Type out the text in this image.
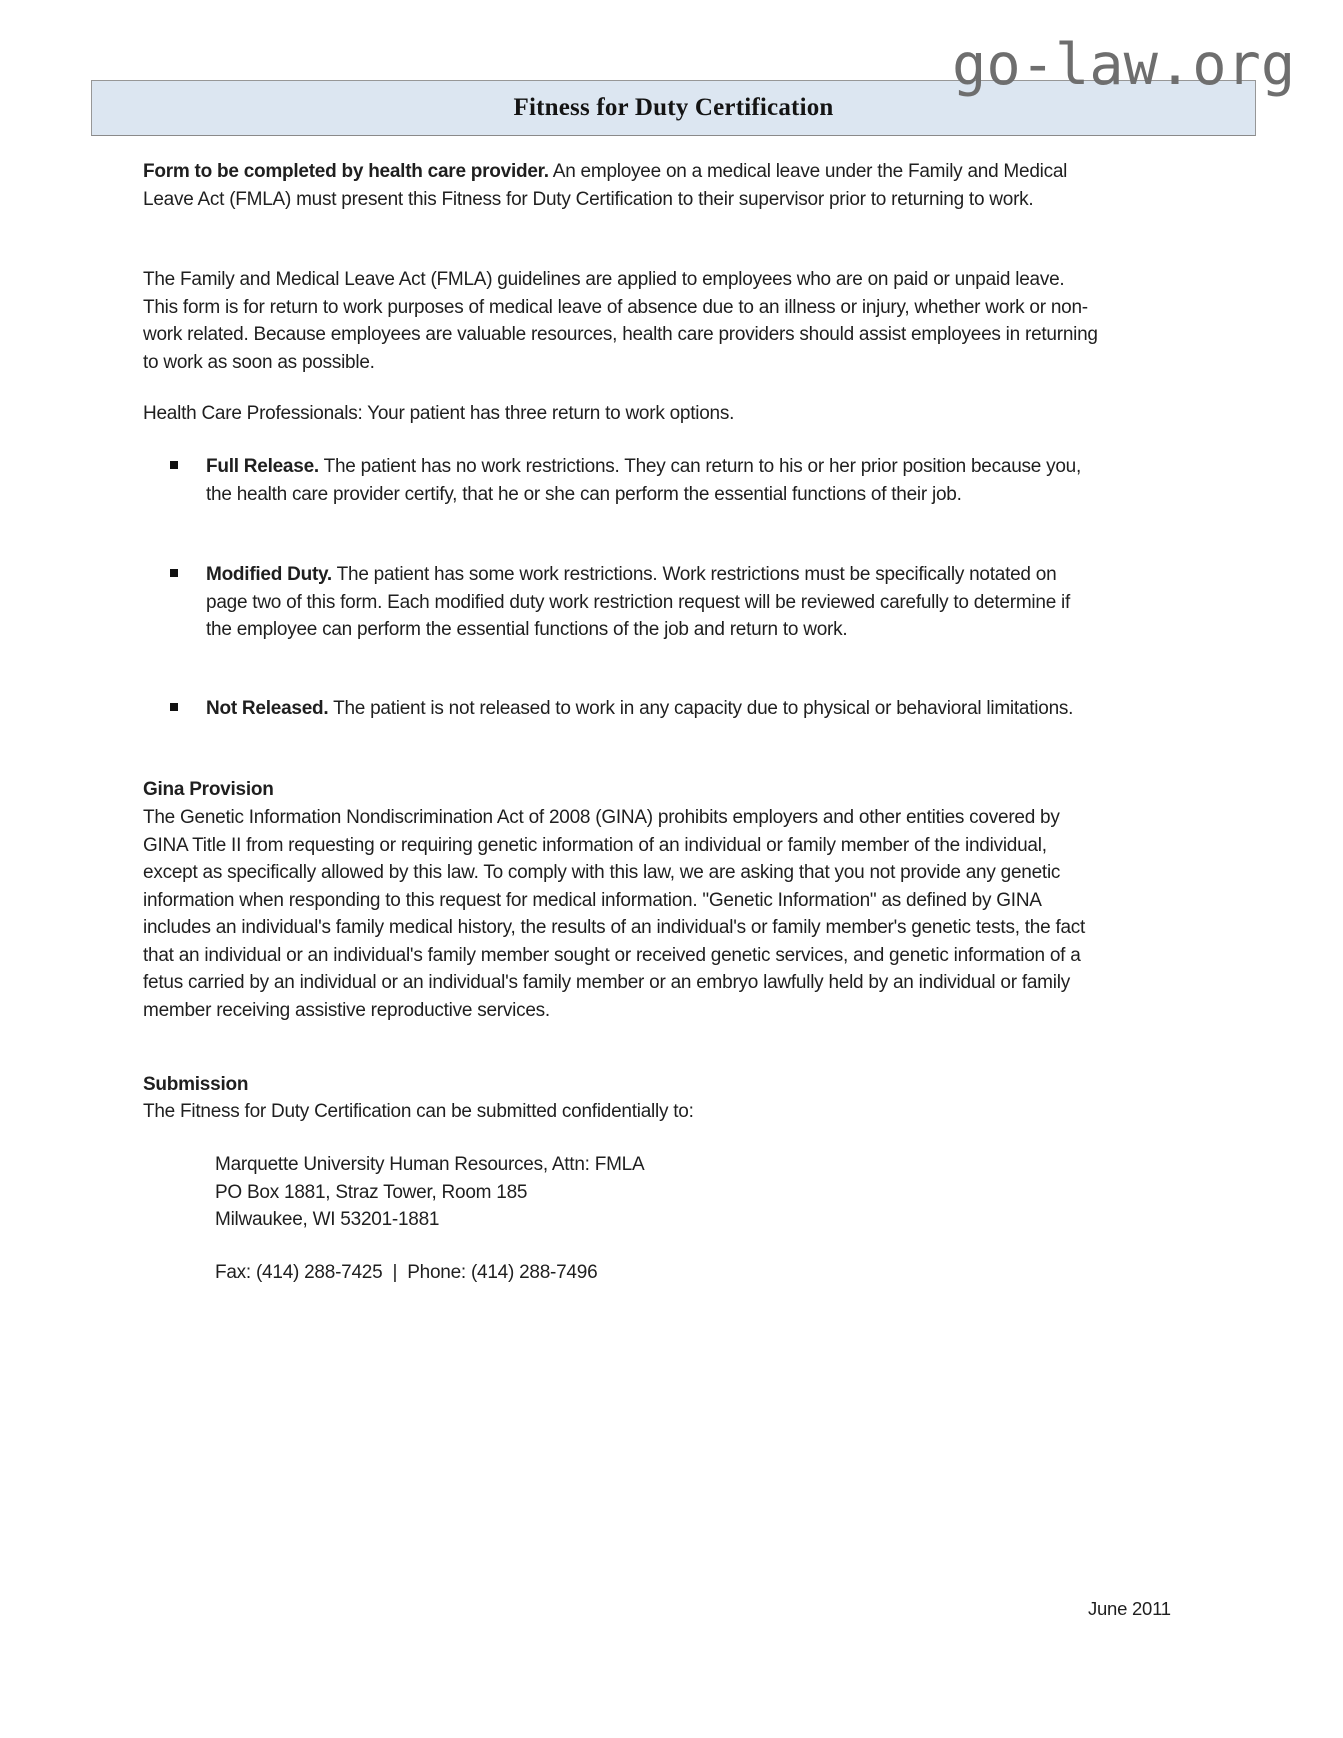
go-law.org
Fitness for Duty Certification
Form to be completed by health care provider. An employee on a medical leave under the Family and Medical Leave Act (FMLA) must present this Fitness for Duty Certification to their supervisor prior to returning to work.
The Family and Medical Leave Act (FMLA) guidelines are applied to employees who are on paid or unpaid leave. This form is for return to work purposes of medical leave of absence due to an illness or injury, whether work or non-work related. Because employees are valuable resources, health care providers should assist employees in returning to work as soon as possible.
Health Care Professionals: Your patient has three return to work options.
Full Release. The patient has no work restrictions. They can return to his or her prior position because you, the health care provider certify, that he or she can perform the essential functions of their job.
Modified Duty. The patient has some work restrictions. Work restrictions must be specifically notated on page two of this form. Each modified duty work restriction request will be reviewed carefully to determine if the employee can perform the essential functions of the job and return to work.
Not Released. The patient is not released to work in any capacity due to physical or behavioral limitations.
Gina Provision
The Genetic Information Nondiscrimination Act of 2008 (GINA) prohibits employers and other entities covered by GINA Title II from requesting or requiring genetic information of an individual or family member of the individual, except as specifically allowed by this law. To comply with this law, we are asking that you not provide any genetic information when responding to this request for medical information. "Genetic Information" as defined by GINA includes an individual's family medical history, the results of an individual's or family member's genetic tests, the fact that an individual or an individual's family member sought or received genetic services, and genetic information of a fetus carried by an individual or an individual's family member or an embryo lawfully held by an individual or family member receiving assistive reproductive services.
Submission
The Fitness for Duty Certification can be submitted confidentially to:
Marquette University Human Resources, Attn: FMLA
PO Box 1881, Straz Tower, Room 185
Milwaukee, WI 53201-1881
Fax: (414) 288-7425  |  Phone: (414) 288-7496
June 2011
